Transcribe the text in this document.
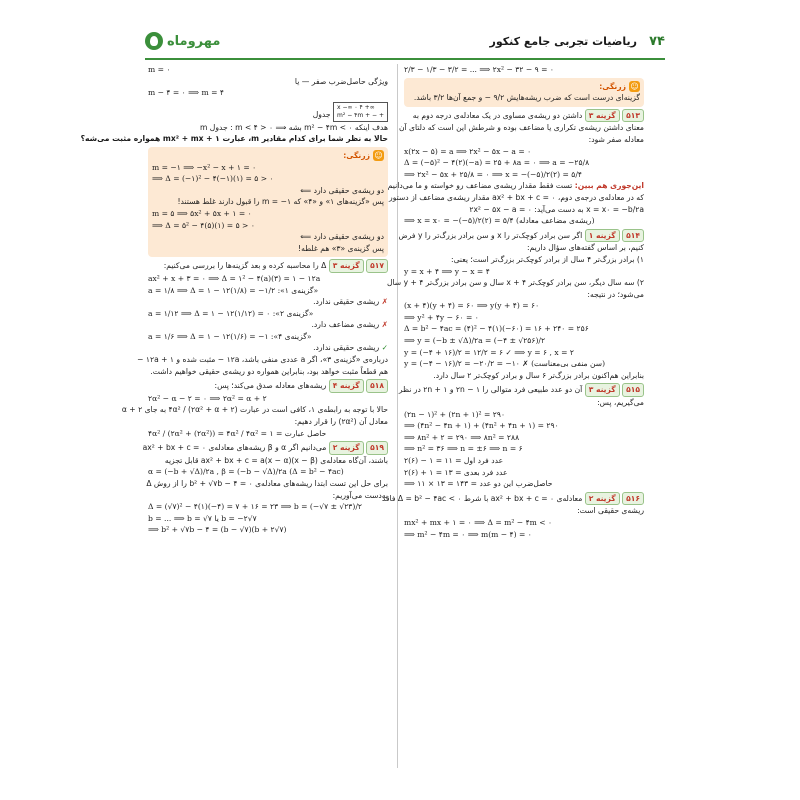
۷۴
ریاضیات تجربی جامع کنکور
مهروماه
۲/۳ − ۱/۳ − ۳/۲ = ... ⟹ ۲x² − ۳۲ − ۹ = ۰
☺زرنگی:
گزینه‌ای درست است که ضرب ریشه‌هایش ۹/۲ − و جمع آن‌ها ۳/۲ باشد.
۵۱۳ گزینه ۳ داشتن دو ریشه‌ی مساوی در یک معادله‌ی درجه دوم به
معنای داشتن ریشه‌ی تکراری یا مضاعف بوده و شرطش این است که دلتای آن
معادله صفر شود:
x(۲x − ۵) = a ⟹ ۲x² − ۵x − a = ۰
Δ = (−۵)² − ۴(۲)(−a) = ۲۵ + ۸a = ۰ ⟹ a = −۲۵/۸
⟹ ۲x² − ۵x + ۲۵/۸ = ۰ ⟹ x = −(−۵)/۲(۲) = ۵/۴
این‌جوری هم ببین: تست فقط مقدار ریشه‌ی مضاعف رو خواسته و ما می‌دانیم
که در معادله‌ی درجه‌ی دوم، ax² + bx + c = ۰ مقدار ریشه‌ی مضاعف از دستور
x = x۰ = −b/۲a به دست می‌آید: ۲x² − ۵x − a = ۰
⟹ x = x۰ = −(−۵)/۲(۲) = ۵/۴ (ریشه‌ی مضاعف معادله)
۵۱۴ گزینه ۱ اگر سن برادر کوچک‌تر را x و سن برادر بزرگ‌تر را y فرض
کنیم، بر اساس گفته‌های سؤال داریم:
۱) برادر بزرگ‌تر ۴ سال از برادر کوچک‌تر بزرگ‌تر است؛ یعنی:
y = x + ۴ ⟹ y − x = ۴
۲) سه سال دیگر، سن برادر کوچک‌تر x + ۴ سال و سن برادر بزرگ‌تر y + ۴ سال
می‌شود؛ در نتیجه:
(x + ۴)(y + ۴) = ۶۰ ⟹ y(y + ۴) = ۶۰
⟹ y² + ۴y − ۶۰ = ۰
Δ = b² − ۴ac = (۴)² − ۴(۱)(−۶۰) = ۱۶ + ۲۴۰ = ۲۵۶
⟹ y = (−b ± √Δ)/۲a = (−۴ ± √۲۵۶)/۲
y = (−۴ + ۱۶)/۲ = ۱۲/۲ = ۶ ✓ ⟹ y = ۶ , x = ۲
y = (−۴ − ۱۶)/۲ = −۲۰/۲ = −۱۰ ✗ (سن منفی بی‌معناست)
بنابراین هم‌اکنون برادر بزرگ‌تر ۶ سال و برادر کوچک‌تر ۲ سال دارد.
۵۱۵ گزینه ۳ آن دو عدد طبیعی فرد متوالی را ۲n − ۱ و ۲n + ۱ در نظر
می‌گیریم، پس:
(۲n − ۱)² + (۲n + ۱)² = ۲۹۰
⟹ (۴n² − ۴n + ۱) + (۴n² + ۴n + ۱) = ۲۹۰
⟹ ۸n² + ۲ = ۲۹۰ ⟹ ۸n² = ۲۸۸
⟹ n² = ۳۶ ⟹ n = ±۶ ⟹ n = ۶
۲(۶) − ۱ = ۱۱ = عدد فرد اول
۲(۶) + ۱ = ۱۳ = عدد فرد بعدی
⟹ ۱۱ × ۱۳ = ۱۴۳ = حاصل‌ضرب این دو عدد
۵۱۶ گزینه ۲ معادله‌ی ax² + bx + c = ۰ با شرط Δ = b² − ۴ac < ۰ فاقد
ریشه‌ی حقیقی است:
mx² + mx + ۱ = ۰ ⟹ Δ = m² − ۴m < ۰
⟹ m² − ۴m = ۰ ⟹ m(m − ۴) = ۰
m = ۰
ویژگی حاصل‌ضرب صفر — یا
m − ۴ = ۰ ⟹ m = ۴
x −∞ ۰ ۴ +∞
m² − ۴m + − +
جدول
هدف اینکه m² − ۴m < ۰ بشه ⟹ ۰ < m < ۴ : جدول m
حالا به نظر شما برای کدام مقادیر m، عبارت mx² + mx + ۱ همواره مثبت می‌شه؟
☺زرنگی:
m = −۱ ⟹ −x² − x + ۱ = ۰
⟹ Δ = (−۱)² − ۴(−۱)(۱) = ۵ > ۰
دو ریشه‌ی حقیقی دارد ⟸
پس «گزینه‌های ۱» و «۴» که m = −۱ را قبول دارند غلط هستند!
m = ۵ ⟹ ۵x² + ۵x + ۱ = ۰
⟹ Δ = ۵² − ۴(۵)(۱) = ۵ > ۰
دو ریشه‌ی حقیقی دارد ⟸
پس گزینه‌ی «۳» هم غلطه!
۵۱۷ گزینه ۳ Δ را محاسبه کرده و بعد گزینه‌ها را بررسی می‌کنیم:
ax² + x + ۳ = ۰ ⟹ Δ = ۱² − ۴(a)(۳) = ۱ − ۱۲a
a = ۱/۸ ⟹ Δ = ۱ − ۱۲(۱/۸) = −۱/۲ :«گزینه‌ی ۱»
✗ ریشه‌ی حقیقی ندارد.
a = ۱/۱۲ ⟹ Δ = ۱ − ۱۲(۱/۱۲) = ۰ :«گزینه‌ی ۲»
✗ ریشه‌ی مضاعف دارد.
a = ۱/۶ ⟹ Δ = ۱ − ۱۲(۱/۶) = −۱ :«گزینه‌ی ۴»
✓ ریشه‌ی حقیقی ندارد.
درباره‌ی «گزینه‌ی ۳»، اگر a عددی منفی باشد، ۱۲a − مثبت شده و ۱ + ۱۲a −
هم قطعاً مثبت خواهد بود، بنابراین همواره دو ریشه‌ی حقیقی خواهیم داشت.
۵۱۸ گزینه ۴ ریشه‌های معادله صدق می‌کند؛ پس:
۲α² − α − ۲ = ۰ ⟹ ۲α² = α + ۲
حالا با توجه به رابطه‌ی ۱، کافی است در عبارت ۴α² / (۲α² + α + ۲) به جای ۲ + α
معادل آن (۲α²) را قرار دهیم:
۴α² / (۲α² + (۲α²)) = ۴α² / ۴α² = ۱ = حاصل عبارت
۵۱۹ گزینه ۲ می‌دانیم اگر α و β ریشه‌های معادله‌ی ax² + bx + c = ۰
باشند، آن‌گاه معادله‌ی ax² + bx + c = a(x − α)(x − β) قابل تجزیه
α = (−b + √Δ)/۲a , β = (−b − √Δ)/۲a (Δ = b² − ۴ac)
برای حل این تست ابتدا ریشه‌های معادله‌ی b² + √۷b − ۴ = ۰ را از روش Δ
به‌دست می‌آوریم:
Δ = (√۷)² − ۴(۱)(−۴) = ۷ + ۱۶ = ۲۳ ⟹ b = (−√۷ ± √۲۳)/۲
b = ... ⟹ b = √۷ یا b = −۲√۷
⟹ b² + √۷b − ۴ = (b − √۷)(b + ۲√۷)
